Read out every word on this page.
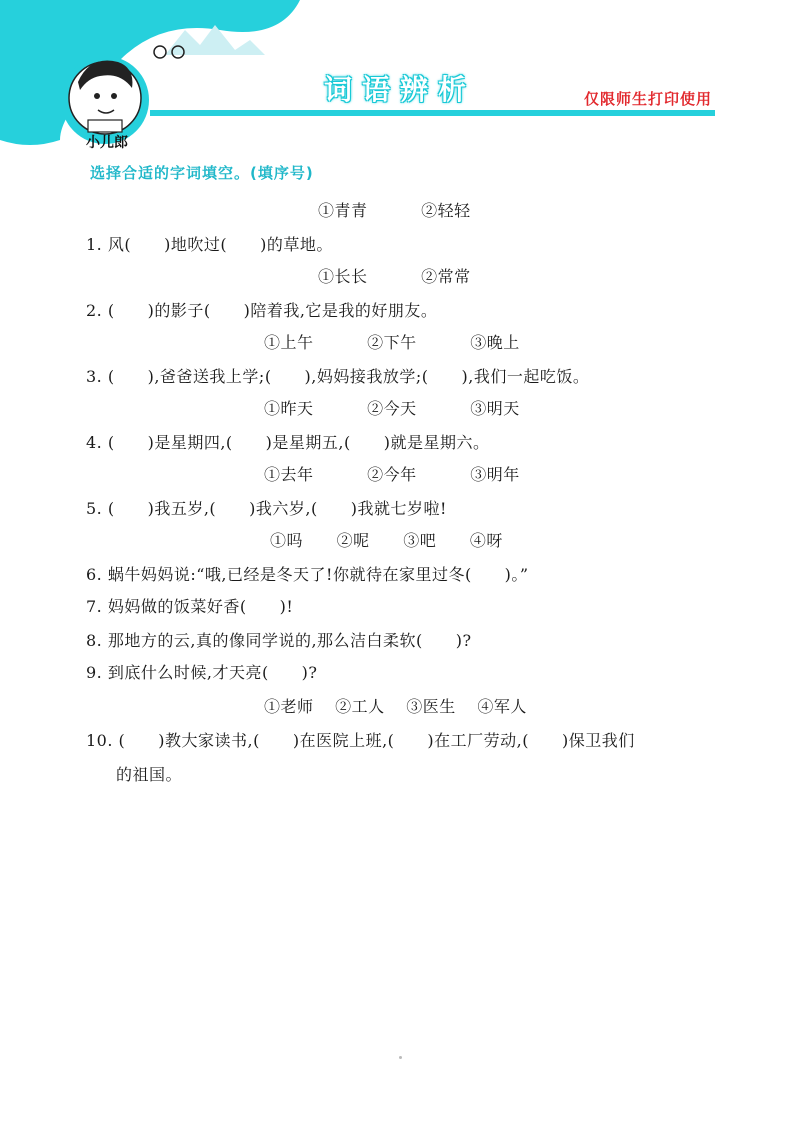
小儿郎
词语辨析	仅限师生打印使用
选择合适的字词填空。(填序号)
①青青	②轻轻
1. 风(　　)地吹过(　　)的草地。
①长长	②常常
2. (　　)的影子(　　)陪着我,它是我的好朋友。
①上午	②下午	③晚上
3. (　　),爸爸送我上学;(　　),妈妈接我放学;(　　),我们一起吃饭。
①昨天	②今天	③明天
4. (　　)是星期四,(　　)是星期五,(　　)就是星期六。
①去年	②今年	③明年
5. (　　)我五岁,(　　)我六岁,(　　)我就七岁啦!
①吗 ②呢 ③吧 ④呀
6. 蜗牛妈妈说:“哦,已经是冬天了!你就待在家里过冬(　　)。”
7. 妈妈做的饭菜好香(　　)!
8. 那地方的云,真的像同学说的,那么洁白柔软(　　)?
9. 到底什么时候,才天亮(　　)?
①老师 ②工人 ③医生 ④军人
10. (　　)教大家读书,(　　)在医院上班,(　　)在工厂劳动,(　　)保卫我们
的祖国。
